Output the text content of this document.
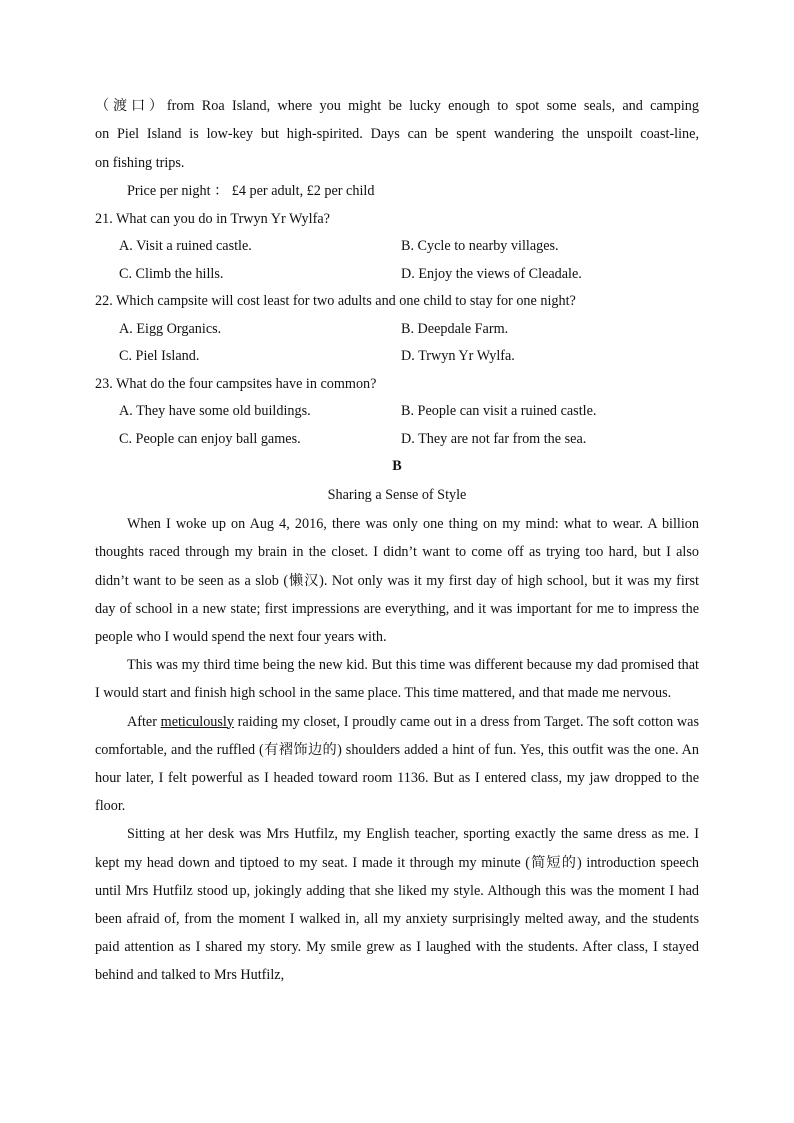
（渡口）from Roa Island, where you might be lucky enough to spot some seals, and camping
on Piel Island is low-key but high-spirited. Days can be spent wandering the unspoilt coast-line,
on fishing trips.
Price per night ： £4 per adult, £2 per child
21. What can you do in Trwyn Yr Wylfa?
A. Visit a ruined castle.	B. Cycle to nearby villages.
C. Climb the hills.	D. Enjoy the views of Cleadale.
22. Which campsite will cost least for two adults and one child to stay for one night?
A. Eigg Organics.	B. Deepdale Farm.
C. Piel Island.	D. Trwyn Yr Wylfa.
23. What do the four campsites have in common?
A. They have some old buildings.	B. People can visit a ruined castle.
C. People can enjoy ball games.	D. They are not far from the sea.
B
Sharing a Sense of Style

When I woke up on Aug 4, 2016, there was only one thing on my mind: what to wear. A billion thoughts raced through my brain in the closet. I didn’t want to come off as trying too hard, but I also didn’t want to be seen as a slob (懒汉). Not only was it my first day of high school, but it was my first day of school in a new state; first impressions are everything, and it was important for me to impress the people who I would spend the next four years with.

This was my third time being the new kid. But this time was different because my dad promised that I would start and finish high school in the same place. This time mattered, and that made me nervous.

After meticulously raiding my closet, I proudly came out in a dress from Target. The soft cotton was comfortable, and the ruffled (有褶饰边的) shoulders added a hint of fun. Yes, this outfit was the one. An hour later, I felt powerful as I headed toward room 1136. But as I entered class, my jaw dropped to the floor.

Sitting at her desk was Mrs Hutfilz, my English teacher, sporting exactly the same dress as me. I kept my head down and tiptoed to my seat. I made it through my minute (简短的) introduction speech until Mrs Hutfilz stood up, jokingly adding that she liked my style. Although this was the moment I had been afraid of, from the moment I walked in, all my anxiety surprisingly melted away, and the students paid attention as I shared my story. My smile grew as I laughed with the students. After class, I stayed behind and talked to Mrs Hutfilz,
